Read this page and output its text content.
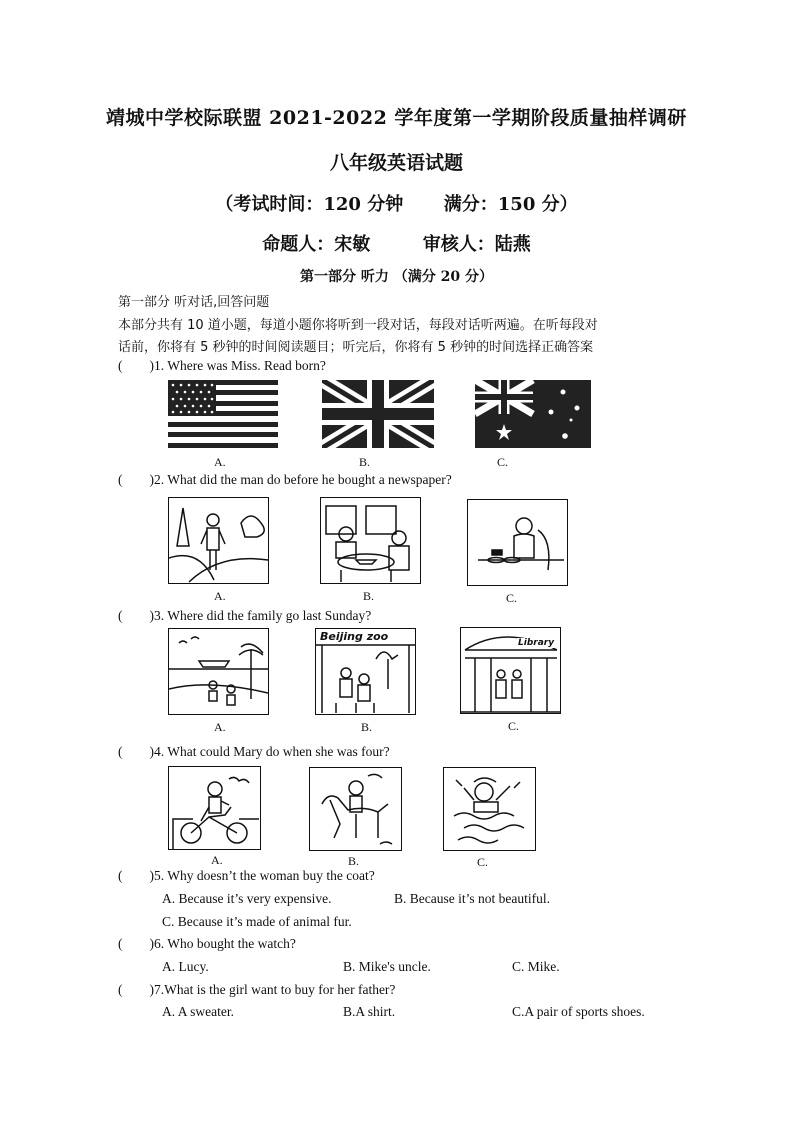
靖城中学校际联盟 2021-2022 学年度第一学期阶段质量抽样调研
八年级英语试题
（考试时间：120 分钟 满分：150 分）
命题人：宋敏	审核人：陆燕
第一部分 听力 （满分 20 分）
第一部分 听对话,回答问题
本部分共有 10 道小题，每道小题你将听到一段对话，每段对话听两遍。在听每段对
话前，你将有 5 秒钟的时间阅读题目；听完后，你将有 5 秒钟的时间选择正确答案
(        )1. Where was Miss. Read born?
A.	B.	C.
(        )2. What did the man do before he bought a newspaper?
A.	B.	C.
(        )3. Where did the family go last Sunday?
Beijing zoo	Library
A.	B.	C.
(        )4. What could Mary do when she was four?
A.	B.	C.
(        )5. Why doesn’t the woman buy the coat?
A. Because it’s very expensive.	B. Because it’s not beautiful.
C. Because it’s made of animal fur.
(        )6. Who bought the watch?
A. Lucy.	B. Mike's uncle.	C. Mike.
(        )7.What is the girl want to buy for her father?
A. A sweater.	B.A shirt.	C.A pair of sports shoes.
